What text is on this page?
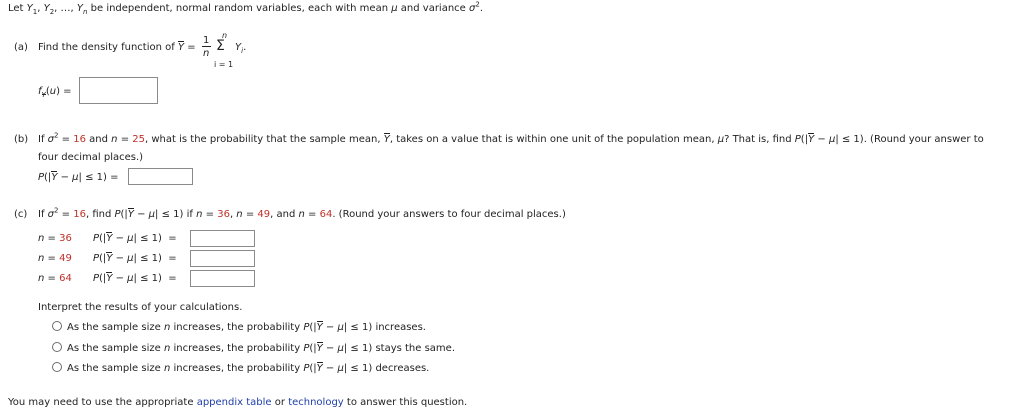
Let $Y_1$, $Y_2$, …, $Y_n$ be independent, normal random variables, each with mean μ and variance $\sigma^2$.
(a) Find the density function of Y =
1
n
n
Σ
i = 1
$Y_i$.
$f_Y(u)$ =
(b) If $\sigma^2 = 16$ and n = 25, what is the probability that the sample mean, Y, takes on a value that is within one unit of the population mean, μ? That is, find P(|Y − μ| ≤ 1). (Round your answer to
four decimal places.)
P(|Y − μ| ≤ 1) =
(c) If $\sigma^2 = 16$, find P(|Y − μ| ≤ 1) if n = 36, n = 49, and n = 64. (Round your answers to four decimal places.)
n = 36 P(|Y − μ| ≤ 1)  =
n = 49 P(|Y − μ| ≤ 1)  =
n = 64 P(|Y − μ| ≤ 1)  =
Interpret the results of your calculations.
As the sample size n increases, the probability P(|Y − μ| ≤ 1) increases.
As the sample size n increases, the probability P(|Y − μ| ≤ 1) stays the same.
As the sample size n increases, the probability P(|Y − μ| ≤ 1) decreases.
You may need to use the appropriate appendix table or technology to answer this question.
